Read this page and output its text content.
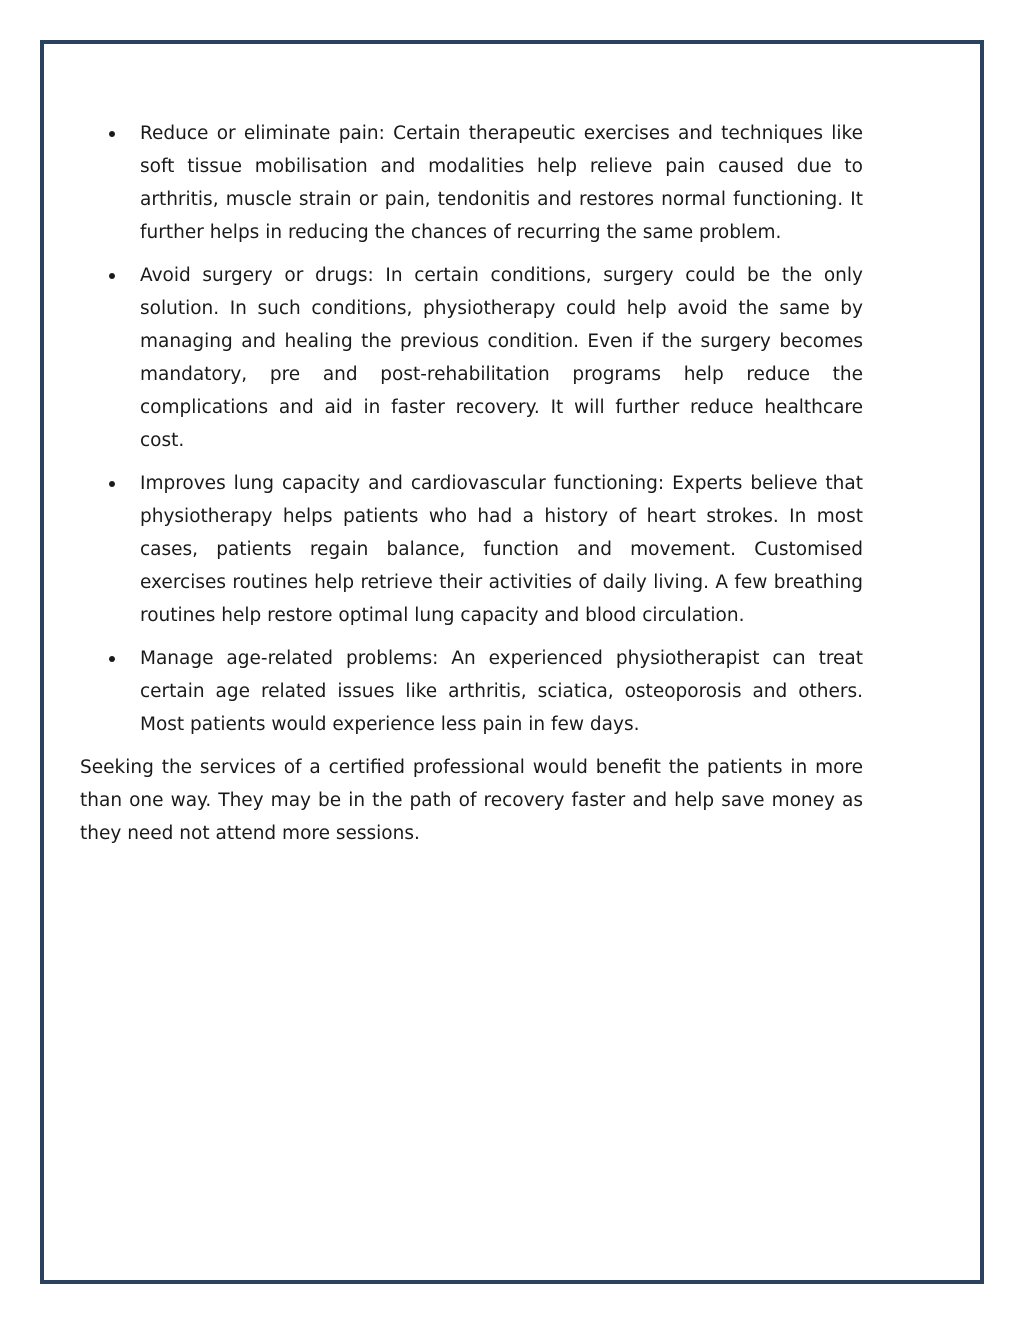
Reduce or eliminate pain: Certain therapeutic exercises and techniques like soft tissue mobilisation and modalities help relieve pain caused due to arthritis, muscle strain or pain, tendonitis and restores normal functioning. It further helps in reducing the chances of recurring the same problem.
Avoid surgery or drugs: In certain conditions, surgery could be the only solution. In such conditions, physiotherapy could help avoid the same by managing and healing the previous condition. Even if the surgery becomes mandatory, pre and post-rehabilitation programs help reduce the complications and aid in faster recovery. It will further reduce healthcare cost.
Improves lung capacity and cardiovascular functioning: Experts believe that physiotherapy helps patients who had a history of heart strokes. In most cases, patients regain balance, function and movement. Customised exercises routines help retrieve their activities of daily living. A few breathing routines help restore optimal lung capacity and blood circulation.
Manage age-related problems: An experienced physiotherapist can treat certain age related issues like arthritis, sciatica, osteoporosis and others. Most patients would experience less pain in few days.

Seeking the services of a certified professional would benefit the patients in more than one way. They may be in the path of recovery faster and help save money as they need not attend more sessions.
